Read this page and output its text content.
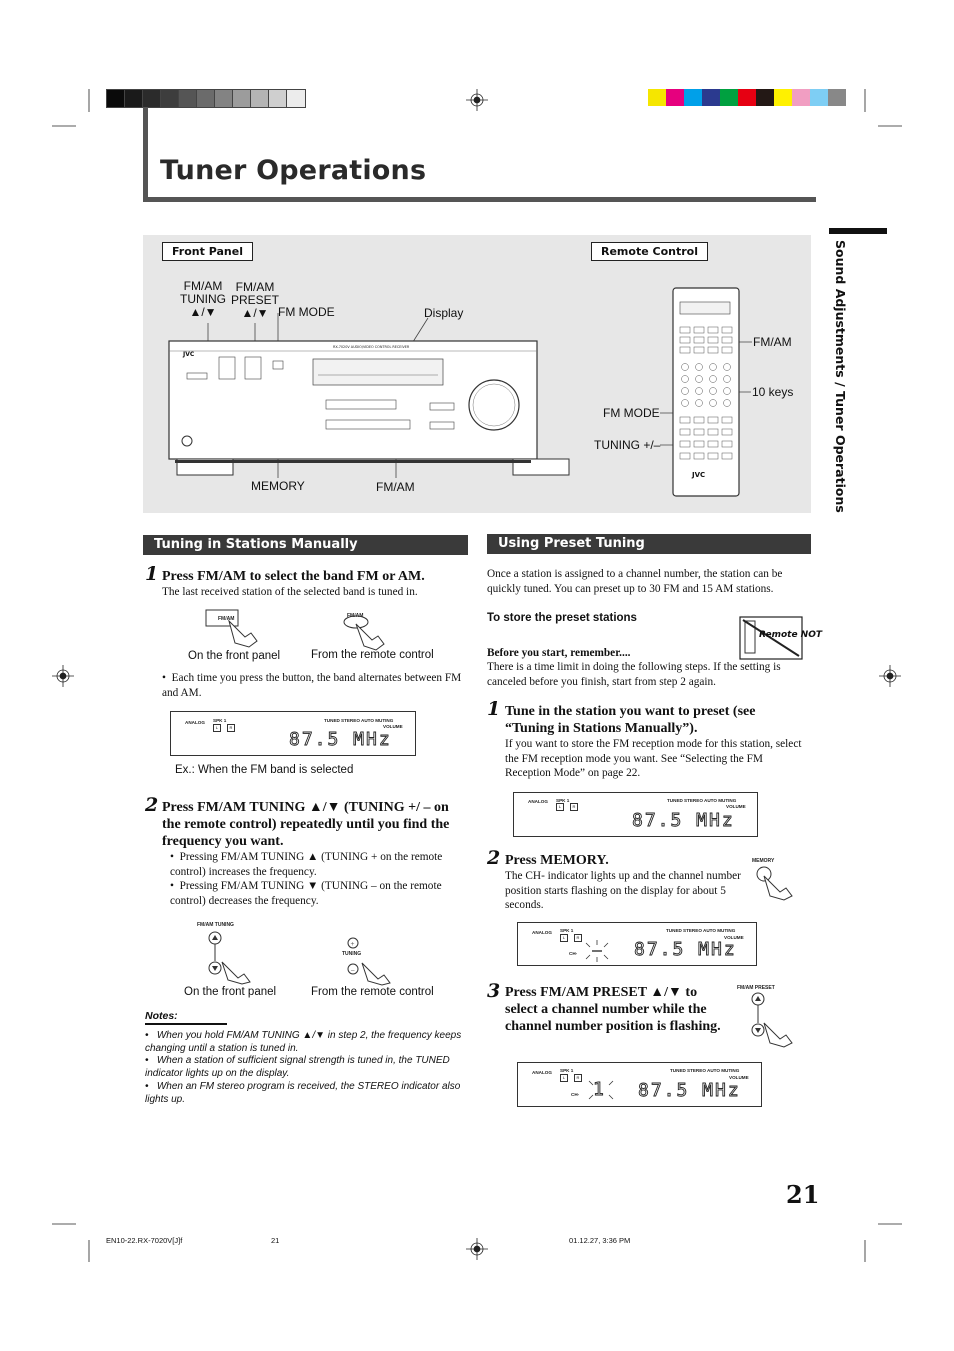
Tuner Operations
Sound Adjustments / Tuner Operations
Front Panel	Remote Control
FM/AM
TUNING
▲/▼
FM/AM
PRESET
▲/▼ FM MODE	Display
MEMORY	FM/AM
FM/AM
10 keys
FM MODE
TUNING +/–
JVC
RX-7020V AUDIO/VIDEO CONTROL RECEIVER
JVC
Tuning in Stations Manually
1 Press FM/AM to select the band FM or AM.
The last received station of the selected band is tuned in.
FM/AM	FM/AM
On the front panel	From the remote control
•  Each time you press the button, the band alternates between FM and AM.
ANALOG SPK 1
L	R
TUNED STEREO AUTO MUTING
VOLUME
87.5 MHz
Ex.: When the FM band is selected
2 Press FM/AM TUNING ▲/▼ (TUNING +/ – on the remote control) repeatedly until you find the frequency you want.
•  Pressing FM/AM TUNING ▲ (TUNING + on the remote control) increases the frequency.
•  Pressing FM/AM TUNING ▼ (TUNING – on the remote control) decreases the frequency.
FM/AM TUNING
TUNING
+
–
On the front panel	From the remote control
Notes:
•   When you hold FM/AM TUNING ▲/▼ in step 2, the frequency keeps changing until a station is tuned in.
•   When a station of sufficient signal strength is tuned in, the TUNED indicator lights up on the display.
•   When an FM stereo program is received, the STEREO indicator also lights up.
Using Preset Tuning
Once a station is assigned to a channel number, the station can be quickly tuned. You can preset up to 30 FM and 15 AM stations.
To store the preset stations
Remote NOT
Before you start, remember....
There is a time limit in doing the following steps. If the setting is canceled before you finish, start from step 2 again.
1 Tune in the station you want to preset (see “Tuning in Stations Manually”).
If you want to store the FM reception mode for this station, select the FM reception mode you want. See “Selecting the FM Reception Mode” on page 22.
ANALOG SPK 1
L	R
TUNED STEREO AUTO MUTING
VOLUME
87.5 MHz
2 Press MEMORY.
The CH- indicator lights up and the channel number position starts flashing on the display for about 5 seconds.
MEMORY
ANALOG SPK 1
L	R
TUNED STEREO AUTO MUTING
VOLUME
CH-	87.5 MHz
3 Press FM/AM PRESET ▲/▼ to select a channel number while the channel number position is flashing.
FM/AM PRESET
ANALOG SPK 1
L	R
TUNED STEREO AUTO MUTING
VOLUME
CH- 1 87.5 MHz
21
EN10-22.RX-7020V[J]f	21	01.12.27, 3:36 PM
